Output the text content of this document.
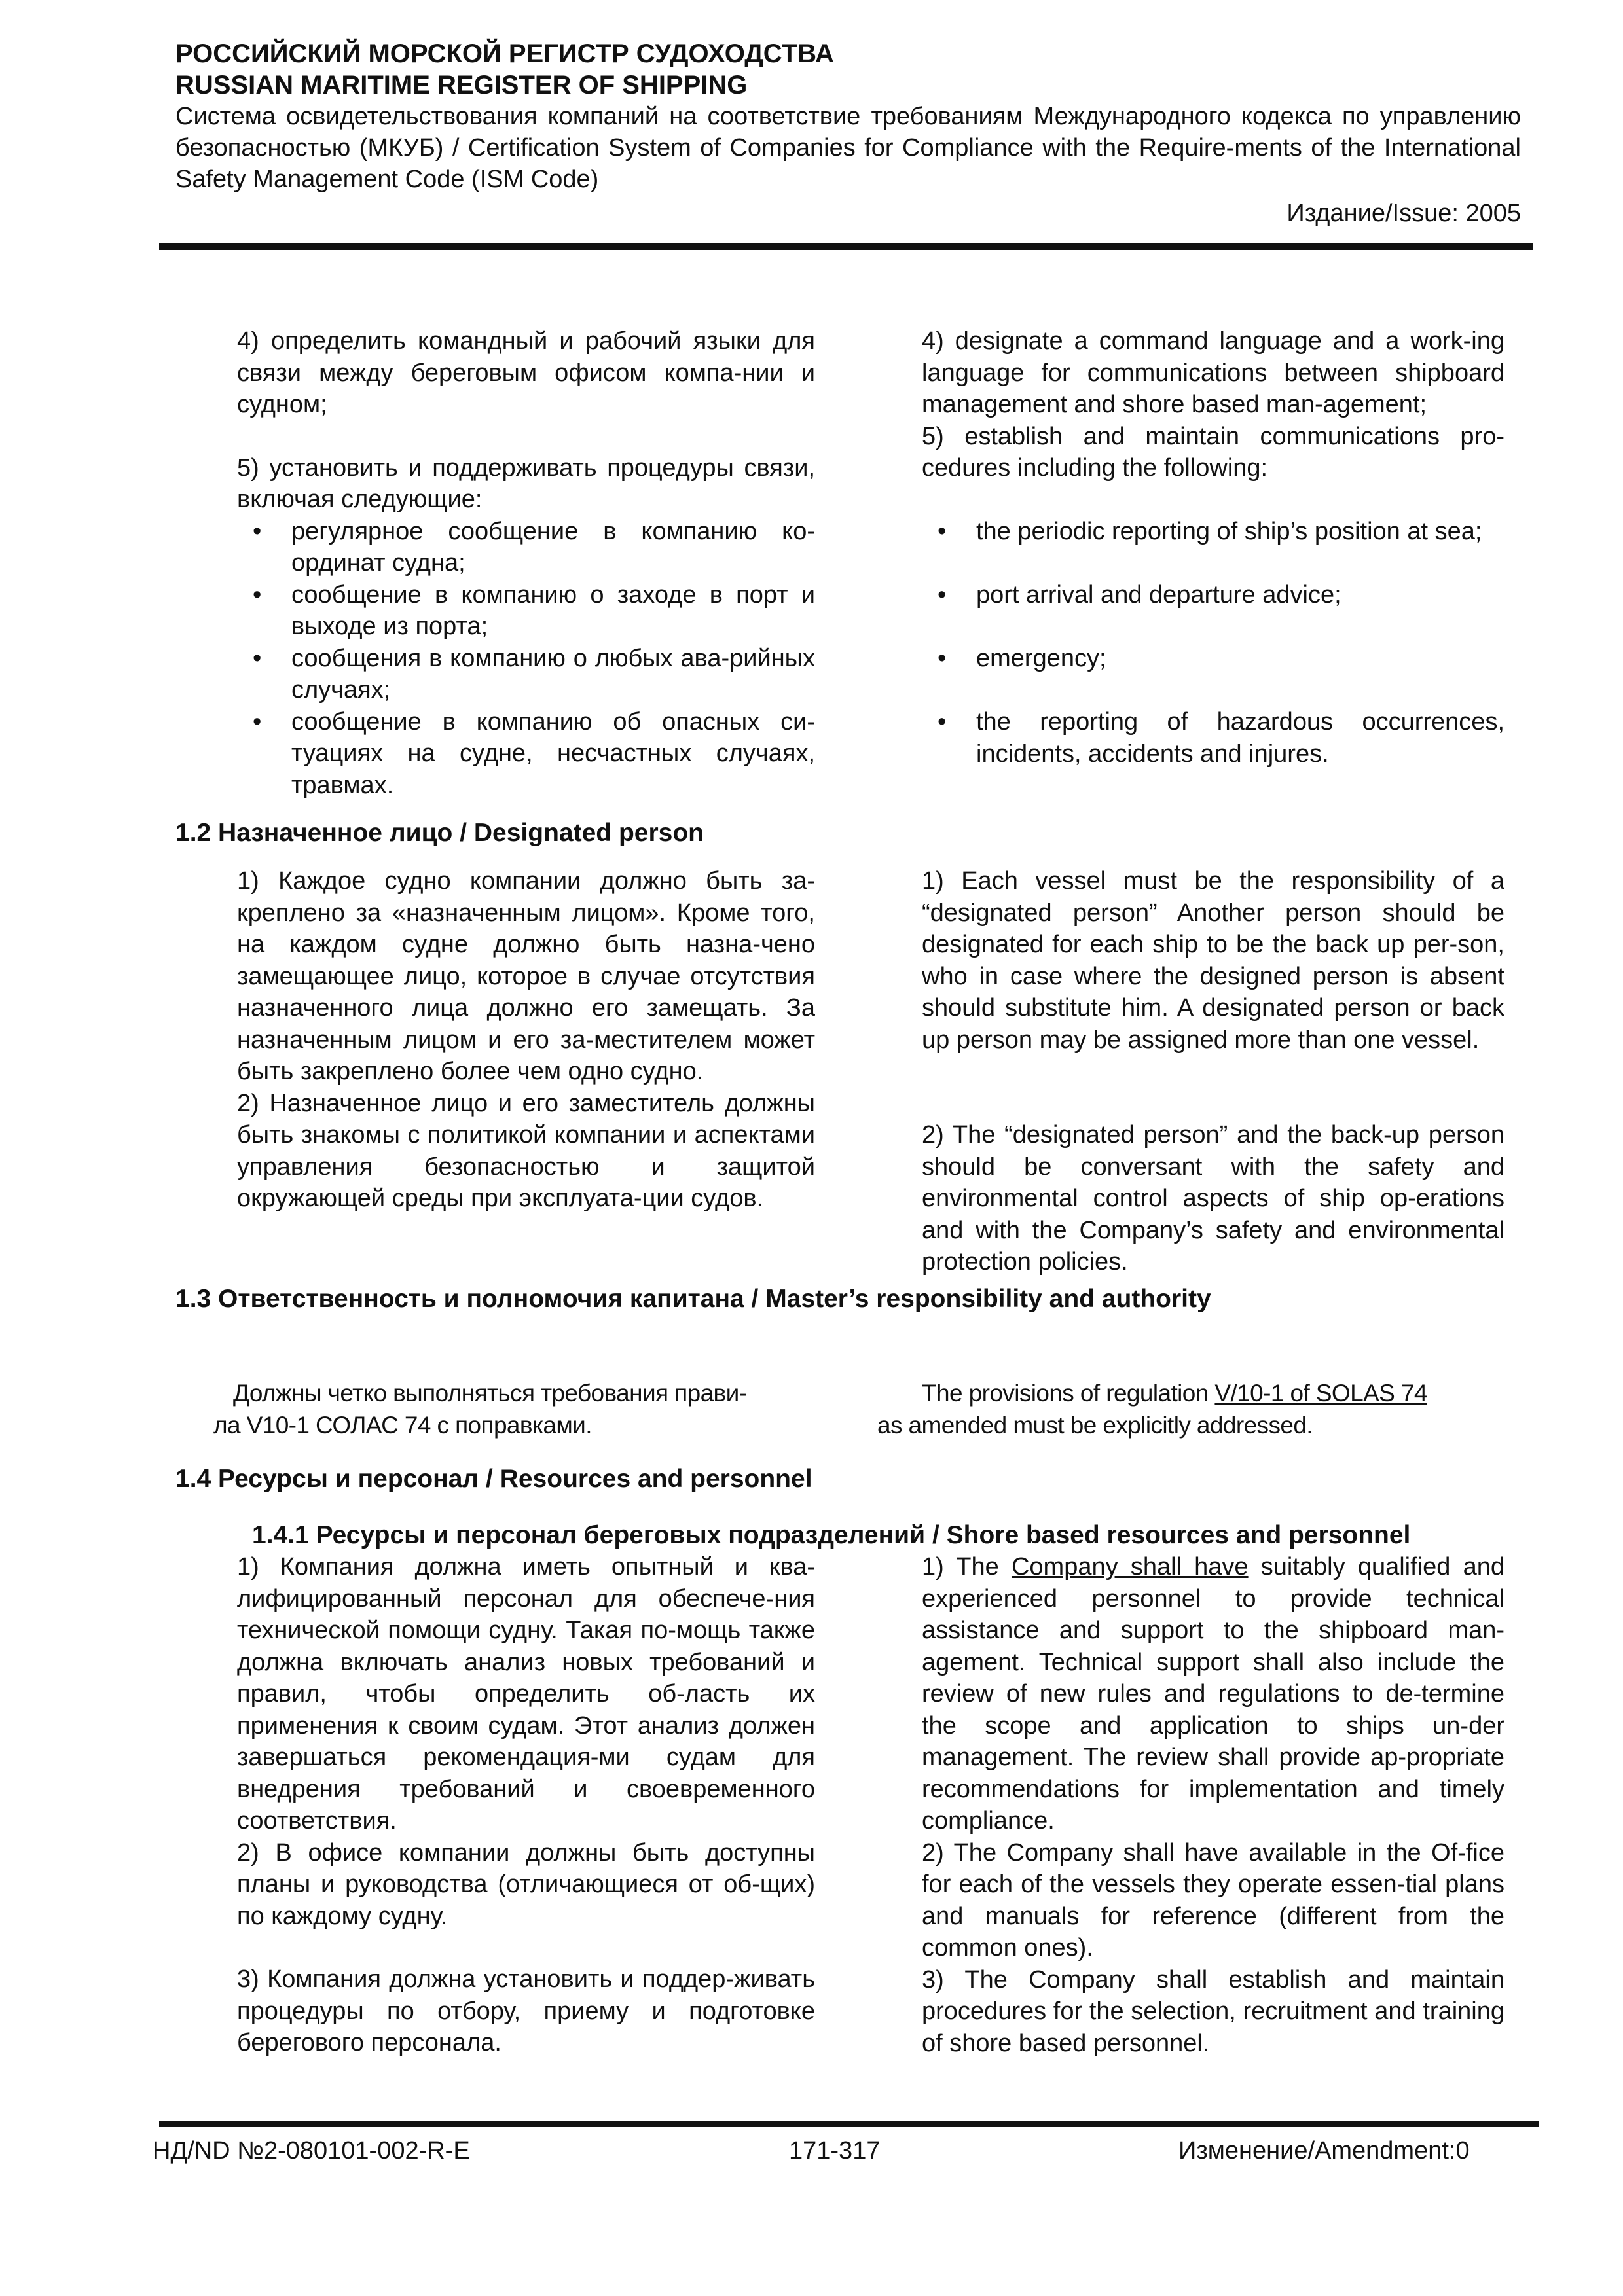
РОССИЙСКИЙ МОРСКОЙ РЕГИСТР СУДОХОДСТВА
RUSSIAN MARITIME REGISTER OF SHIPPING
Система освидетельствования компаний на соответствие требованиям Международного кодекса по управлению безопасностью (МКУБ) / Certification System of Companies for Compliance with the Require-ments of the International Safety Management Code (ISM Code)
Издание/Issue: 2005

4) определить командный и рабочий языки для связи между береговым офисом компа-нии и судном;

5) установить и поддерживать процедуры связи, включая следующие:

• регулярное сообщение в компанию ко-ординат судна;
• сообщение в компанию о заходе в порт и выходе из порта;
• сообщения в компанию о любых ава-рийных случаях;
• сообщение в компанию об опасных си-туациях на судне, несчастных случаях, травмах.

4) designate a command language and a work-ing language for communications between shipboard management and shore based man-agement;

5) establish and maintain communications pro-cedures including the following:

• the periodic reporting of ship’s position at sea;
• port arrival and departure advice;
• emergency;
• the reporting of hazardous occurrences, incidents, accidents and injures.
1.2 Назначенное лицо / Designated person

1) Каждое судно компании должно быть за-креплено за «назначенным лицом». Кроме того, на каждом судне должно быть назна-чено замещающее лицо, которое в случае отсутствия назначенного лица должно его замещать. За назначенным лицом и его за-местителем может быть закреплено более чем одно судно.

2) Назначенное лицо и его заместитель должны быть знакомы с политикой компании и аспектами управления безопасностью и защитой окружающей среды при эксплуата-ции судов.

1) Each vessel must be the responsibility of a “designated person” Another person should be designated for each ship to be the back up per-son, who in case where the designed person is absent should substitute him. A designated person or back up person may be assigned more than one vessel.

2) The “designated person” and the back-up person should be conversant with the safety and environmental control aspects of ship op-erations and with the Company’s safety and environmental protection policies.

1.3 Ответственность и полномочия капитана / Master’s responsibility and authority
Должны четко выполняться требования прави-
ла V10-1 СОЛАС 74 с поправками.
The provisions of regulation V/10-1 of SOLAS 74
as amended must be explicitly addressed.
1.4 Ресурсы и персонал / Resources and personnel
1.4.1 Ресурсы и персонал береговых подразделений / Shore based resources and personnel

1) Компания должна иметь опытный и ква-лифицированный персонал для обеспече-ния технической помощи судну. Такая по-мощь также должна включать анализ новых требований и правил, чтобы определить об-ласть их применения к своим судам. Этот анализ должен завершаться рекомендация-ми судам для внедрения требований и своевременного соответствия.

2) В офисе компании должны быть доступны планы и руководства (отличающиеся от об-щих) по каждому судну.

3) Компания должна установить и поддер-живать процедуры по отбору, приему и подготовке берегового персонала.

1) The Company shall have suitably qualified and experienced personnel to provide technical assistance and support to the shipboard man-agement. Technical support shall also include the review of new rules and regulations to de-termine the scope and application to ships un-der management. The review shall provide ap-propriate recommendations for implementation and timely compliance.

2) The Company shall have available in the Of-fice for each of the vessels they operate essen-tial plans and manuals for reference (different from the common ones).

3) The Company shall establish and maintain procedures for the selection, recruitment and training of shore based personnel.

НД/ND №2-080101-002-R-E	171-317	Изменение/Amendment:0
